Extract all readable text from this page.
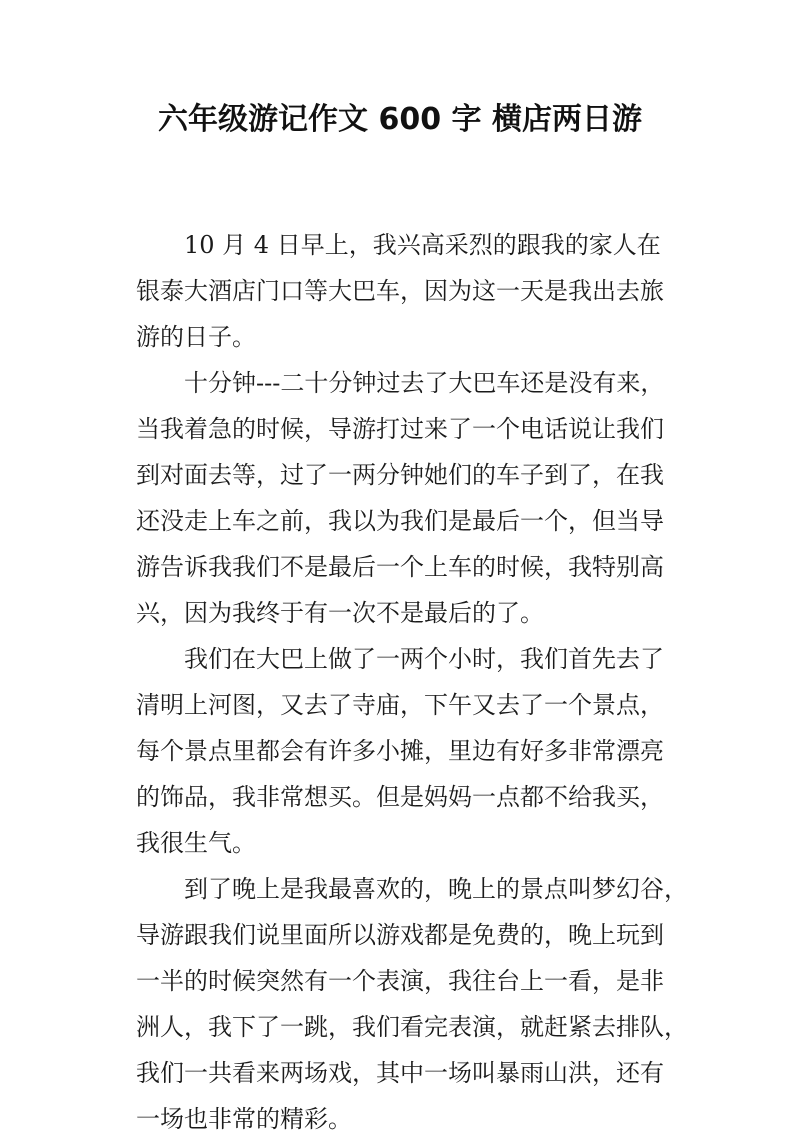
六年级游记作文 600 字 横店两日游
10 月 4 日早上，我兴高采烈的跟我的家人在
银泰大酒店门口等大巴车，因为这一天是我出去旅
游的日子。
十分钟---二十分钟过去了大巴车还是没有来，
当我着急的时候，导游打过来了一个电话说让我们
到对面去等，过了一两分钟她们的车子到了，在我
还没走上车之前，我以为我们是最后一个，但当导
游告诉我我们不是最后一个上车的时候，我特别高
兴，因为我终于有一次不是最后的了。
我们在大巴上做了一两个小时，我们首先去了
清明上河图，又去了寺庙，下午又去了一个景点，
每个景点里都会有许多小摊，里边有好多非常漂亮
的饰品，我非常想买。但是妈妈一点都不给我买，
我很生气。
到了晚上是我最喜欢的，晚上的景点叫梦幻谷，
导游跟我们说里面所以游戏都是免费的，晚上玩到
一半的时候突然有一个表演，我往台上一看，是非
洲人，我下了一跳，我们看完表演，就赶紧去排队，
我们一共看来两场戏，其中一场叫暴雨山洪，还有
一场也非常的精彩。
